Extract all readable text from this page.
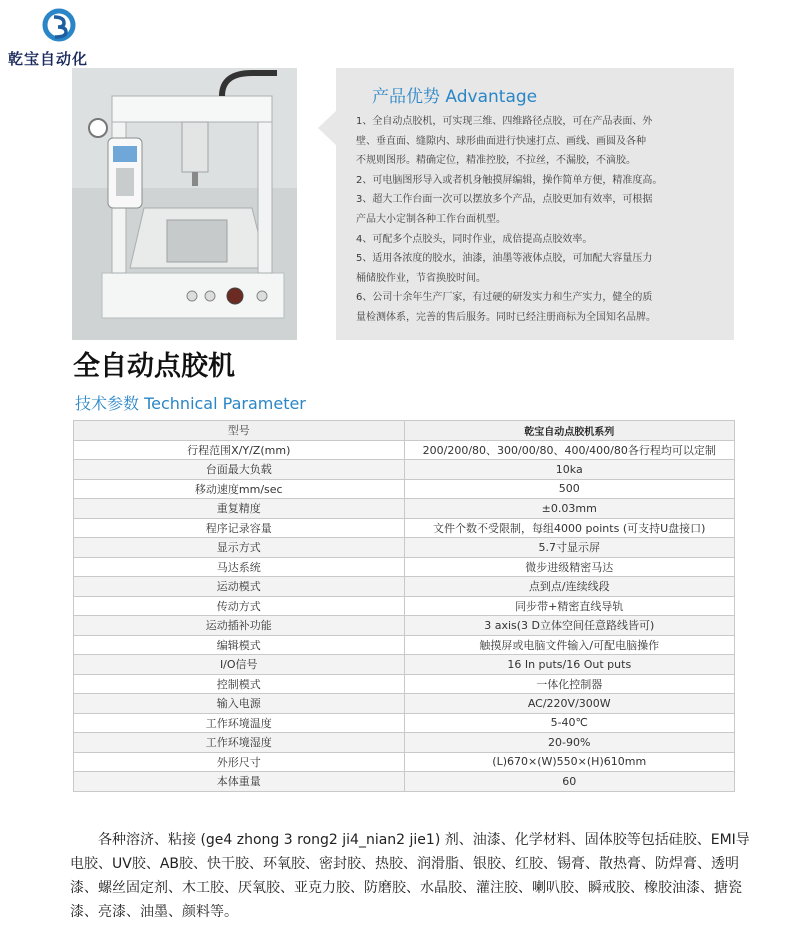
乾宝自动化
产品优势 Advantage
1、全自动点胶机，可实现三维、四维路径点胶，可在产品表面、外
壁、垂直面、缝隙内、球形曲面进行快速打点、画线、画圆及各种
不规则图形。精确定位，精准控胶，不拉丝，不漏胶，不滴胶。
2、可电脑图形导入或者机身触摸屏编辑，操作简单方便，精准度高。
3、超大工作台面一次可以摆放多个产品，点胶更加有效率，可根据
产品大小定制各种工作台面机型。
4、可配多个点胶头，同时作业，成倍提高点胶效率。
5、适用各浓度的胶水，油漆，油墨等液体点胶，可加配大容量压力
桶储胶作业，节省换胶时间。
6、公司十余年生产厂家，有过硬的研发实力和生产实力，健全的质
量检测体系，完善的售后服务。同时已经注册商标为全国知名品牌。
全自动点胶机
技术参数 Technical Parameter
型号	乾宝自动点胶机系列
行程范围X/Y/Z(mm)	200/200/80、300/00/80、400/400/80各行程均可以定制
台面最大负载	10ka
移动速度mm/sec	500
重复精度	±0.03mm
程序记录容量	文件个数不受限制，每组4000 points (可支持U盘接口)
显示方式	5.7寸显示屏
马达系统	微步进级精密马达
运动模式	点到点/连续线段
传动方式	同步带+精密直线导轨
运动插补功能	3 axis(3 D立体空间任意路线皆可)
编辑模式	触摸屏或电脑文件输入/可配电脑操作
I/O信号	16 In puts/16 Out puts
控制模式	一体化控制器
输入电源	AC/220V/300W
工作环境温度	5-40℃
工作环境湿度	20-90%
外形尺寸	(L)670×(W)550×(H)610mm
本体重量	60

各种溶济、粘接 (ge4 zhong 3 rong2 ji4_nian2 jie1) 剂、油漆、化学材料、固体胶等包括硅胶、EMI导电胶、UV胶、AB胶、快干胶、环氧胶、密封胶、热胶、润滑脂、银胶、红胶、锡膏、散热膏、防焊膏、透明漆、螺丝固定剂、木工胶、厌氧胶、亚克力胶、防磨胶、水晶胶、灌注胶、喇叭胶、瞬戒胶、橡胶油漆、搪瓷漆、亮漆、油墨、颜料等。
